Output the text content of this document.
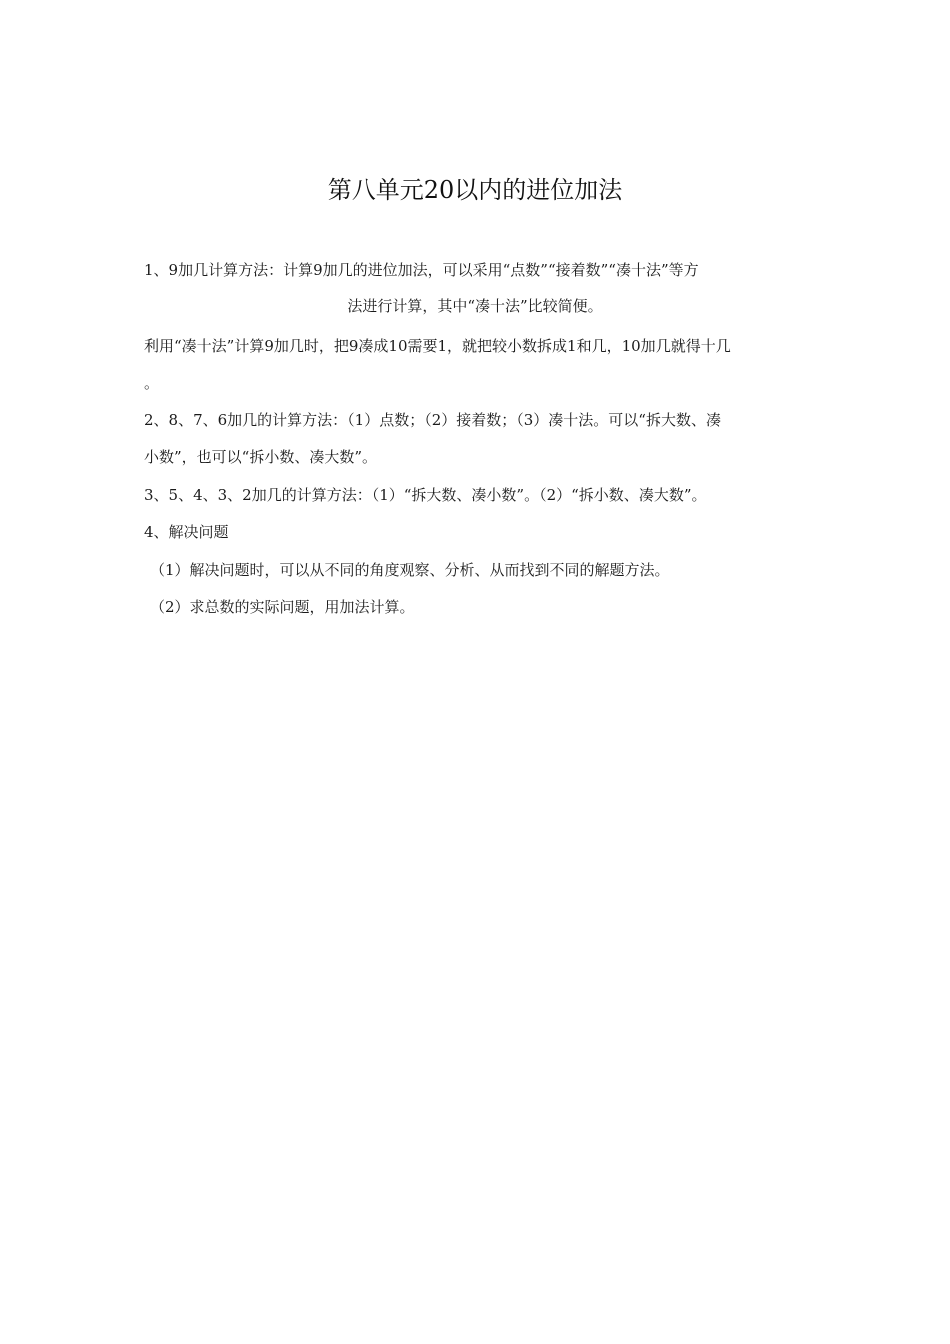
第八单元20以内的进位加法
1、9加几计算方法：计算9加几的进位加法，可以采用“点数”“接着数”“凑十法”等方
法进行计算，其中“凑十法”比较简便。
利用“凑十法”计算9加几时，把9凑成10需要1，就把较小数拆成1和几，10加几就得十几
。
2、8、7、6加几的计算方法：（1）点数；（2）接着数；（3）凑十法。可以“拆大数、凑
小数”，也可以“拆小数、凑大数”。
3、5、4、3、2加几的计算方法：（1）“拆大数、凑小数”。（2）“拆小数、凑大数”。
4、解决问题
（1）解决问题时，可以从不同的角度观察、分析、从而找到不同的解题方法。
（2）求总数的实际问题，用加法计算。
